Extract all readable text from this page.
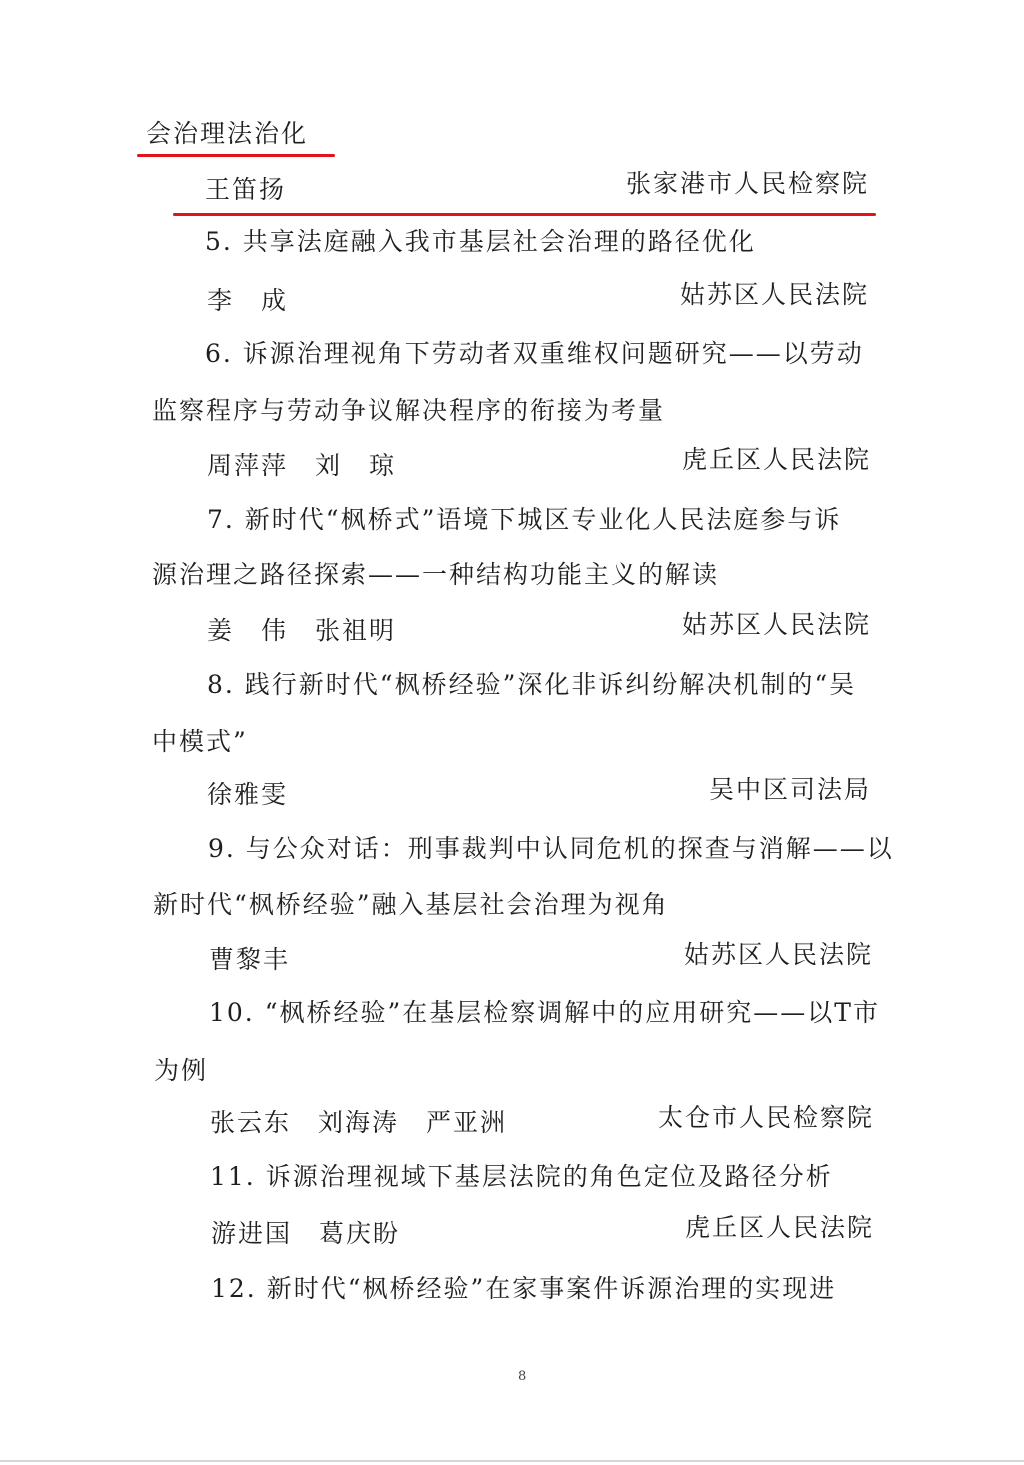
会治理法治化
王笛扬	张家港市人民检察院
5. 共享法庭融入我市基层社会治理的路径优化
李　成	姑苏区人民法院
6. 诉源治理视角下劳动者双重维权问题研究——以劳动
监察程序与劳动争议解决程序的衔接为考量
周萍萍　刘　琼	虎丘区人民法院
7. 新时代“枫桥式”语境下城区专业化人民法庭参与诉
源治理之路径探索——一种结构功能主义的解读
姜　伟　张祖明	姑苏区人民法院
8. 践行新时代“枫桥经验”深化非诉纠纷解决机制的“吴
中模式”
徐雅雯	吴中区司法局
9. 与公众对话：刑事裁判中认同危机的探查与消解——以
新时代“枫桥经验”融入基层社会治理为视角
曹黎丰	姑苏区人民法院
10. “枫桥经验”在基层检察调解中的应用研究——以T市
为例
张云东　刘海涛　严亚洲	太仓市人民检察院
11. 诉源治理视域下基层法院的角色定位及路径分析
游进国　葛庆盼	虎丘区人民法院
12. 新时代“枫桥经验”在家事案件诉源治理的实现进
8
